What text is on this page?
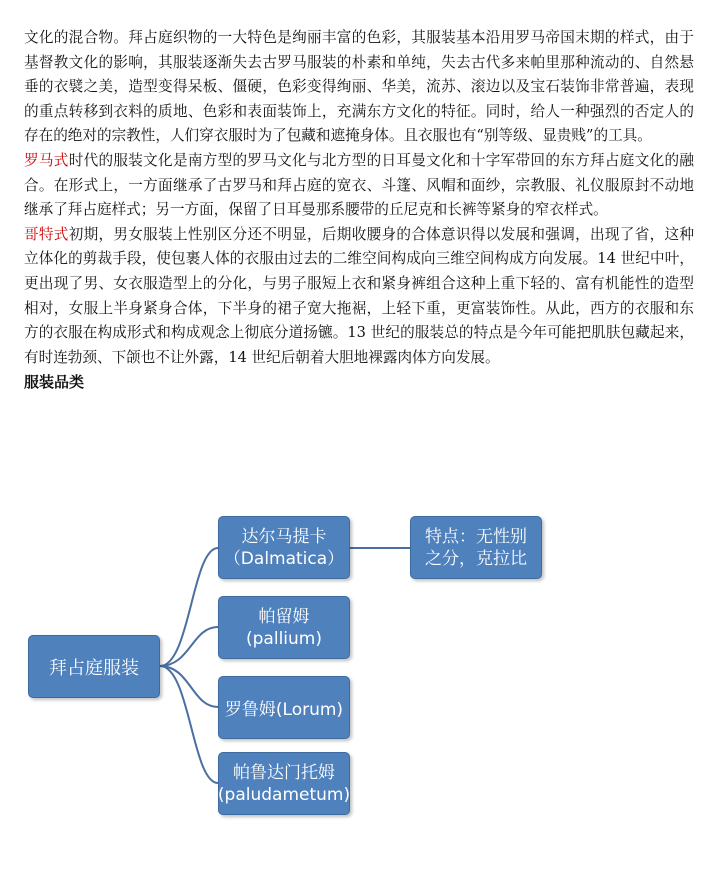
文化的混合物。拜占庭织物的一大特色是绚丽丰富的色彩，其服装基本沿用罗马帝国末期的样式，由于基督教文化的影响，其服装逐渐失去古罗马服装的朴素和单纯，失去古代多来帕里那种流动的、自然悬垂的衣襞之美，造型变得呆板、僵硬，色彩变得绚丽、华美，流苏、滚边以及宝石装饰非常普遍，表现的重点转移到衣料的质地、色彩和表面装饰上，充满东方文化的特征。同时，给人一种强烈的否定人的存在的绝对的宗教性，人们穿衣服时为了包藏和遮掩身体。且衣服也有“别等级、显贵贱”的工具。

罗马式时代的服装文化是南方型的罗马文化与北方型的日耳曼文化和十字军带回的东方拜占庭文化的融合。在形式上，一方面继承了古罗马和拜占庭的宽衣、斗篷、风帽和面纱，宗教服、礼仪服原封不动地继承了拜占庭样式；另一方面，保留了日耳曼那系腰带的丘尼克和长裤等紧身的窄衣样式。

哥特式初期，男女服装上性别区分还不明显，后期收腰身的合体意识得以发展和强调，出现了省，这种立体化的剪裁手段，使包裹人体的衣服由过去的二维空间构成向三维空间构成方向发展。14 世纪中叶，更出现了男、女衣服造型上的分化，与男子服短上衣和紧身裤组合这种上重下轻的、富有机能性的造型相对，女服上半身紧身合体，下半身的裙子宽大拖裾，上轻下重，更富装饰性。从此，西方的衣服和东方的衣服在构成形式和构成观念上彻底分道扬镳。13 世纪的服装总的特点是今年可能把肌肤包藏起来，有时连勃颈、下颌也不让外露，14 世纪后朝着大胆地裸露肉体方向发展。

服装品类

拜占庭服装
达尔马提卡
（Dalmatica）
帕留姆
(pallium)
罗鲁姆(Lorum)
帕鲁达门托姆
(paludametum)
特点：无性别
之分，克拉比
